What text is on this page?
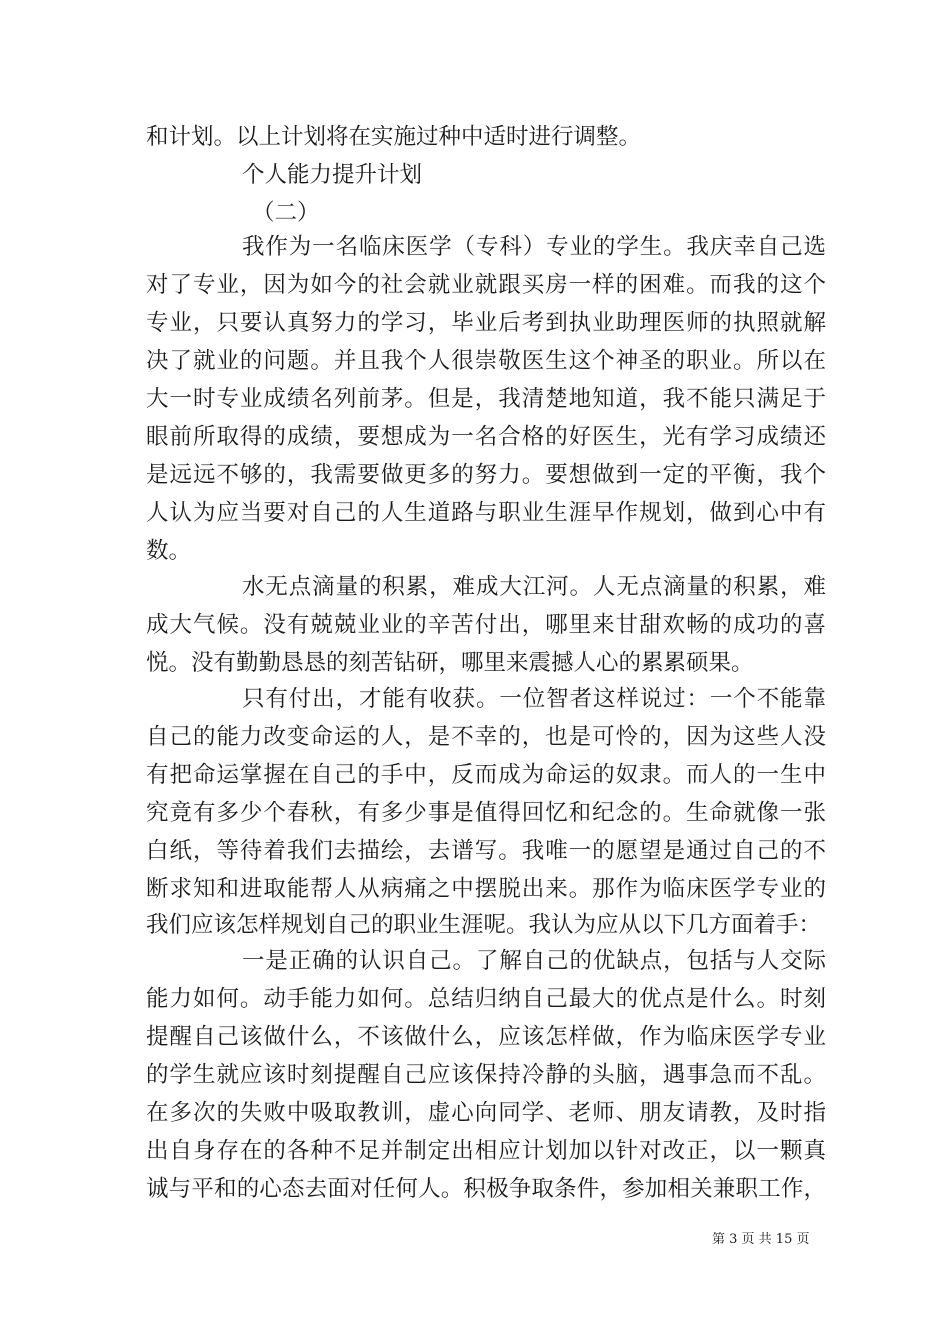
和计划。以上计划将在实施过种中适时进行调整。
个人能力提升计划
（二）
我作为一名临床医学（专科）专业的学生。我庆幸自己选
对了专业，因为如今的社会就业就跟买房一样的困难。而我的这个
专业，只要认真努力的学习，毕业后考到执业助理医师的执照就解
决了就业的问题。并且我个人很崇敬医生这个神圣的职业。所以在
大一时专业成绩名列前茅。但是，我清楚地知道，我不能只满足于
眼前所取得的成绩，要想成为一名合格的好医生，光有学习成绩还
是远远不够的，我需要做更多的努力。要想做到一定的平衡，我个
人认为应当要对自己的人生道路与职业生涯早作规划，做到心中有
数。
水无点滴量的积累，难成大江河。人无点滴量的积累，难
成大气候。没有兢兢业业的辛苦付出，哪里来甘甜欢畅的成功的喜
悦。没有勤勤恳恳的刻苦钻研，哪里来震撼人心的累累硕果。
只有付出，才能有收获。一位智者这样说过：一个不能靠
自己的能力改变命运的人，是不幸的，也是可怜的，因为这些人没
有把命运掌握在自己的手中，反而成为命运的奴隶。而人的一生中
究竟有多少个春秋，有多少事是值得回忆和纪念的。生命就像一张
白纸，等待着我们去描绘，去谱写。我唯一的愿望是通过自己的不
断求知和进取能帮人从病痛之中摆脱出来。那作为临床医学专业的
我们应该怎样规划自己的职业生涯呢。我认为应从以下几方面着手：
一是正确的认识自己。了解自己的优缺点，包括与人交际
能力如何。动手能力如何。总结归纳自己最大的优点是什么。时刻
提醒自己该做什么，不该做什么，应该怎样做，作为临床医学专业
的学生就应该时刻提醒自己应该保持冷静的头脑，遇事急而不乱。
在多次的失败中吸取教训，虚心向同学、老师、朋友请教，及时指
出自身存在的各种不足并制定出相应计划加以针对改正，以一颗真
诚与平和的心态去面对任何人。积极争取条件，参加相关兼职工作，
第 3 页 共 15 页
